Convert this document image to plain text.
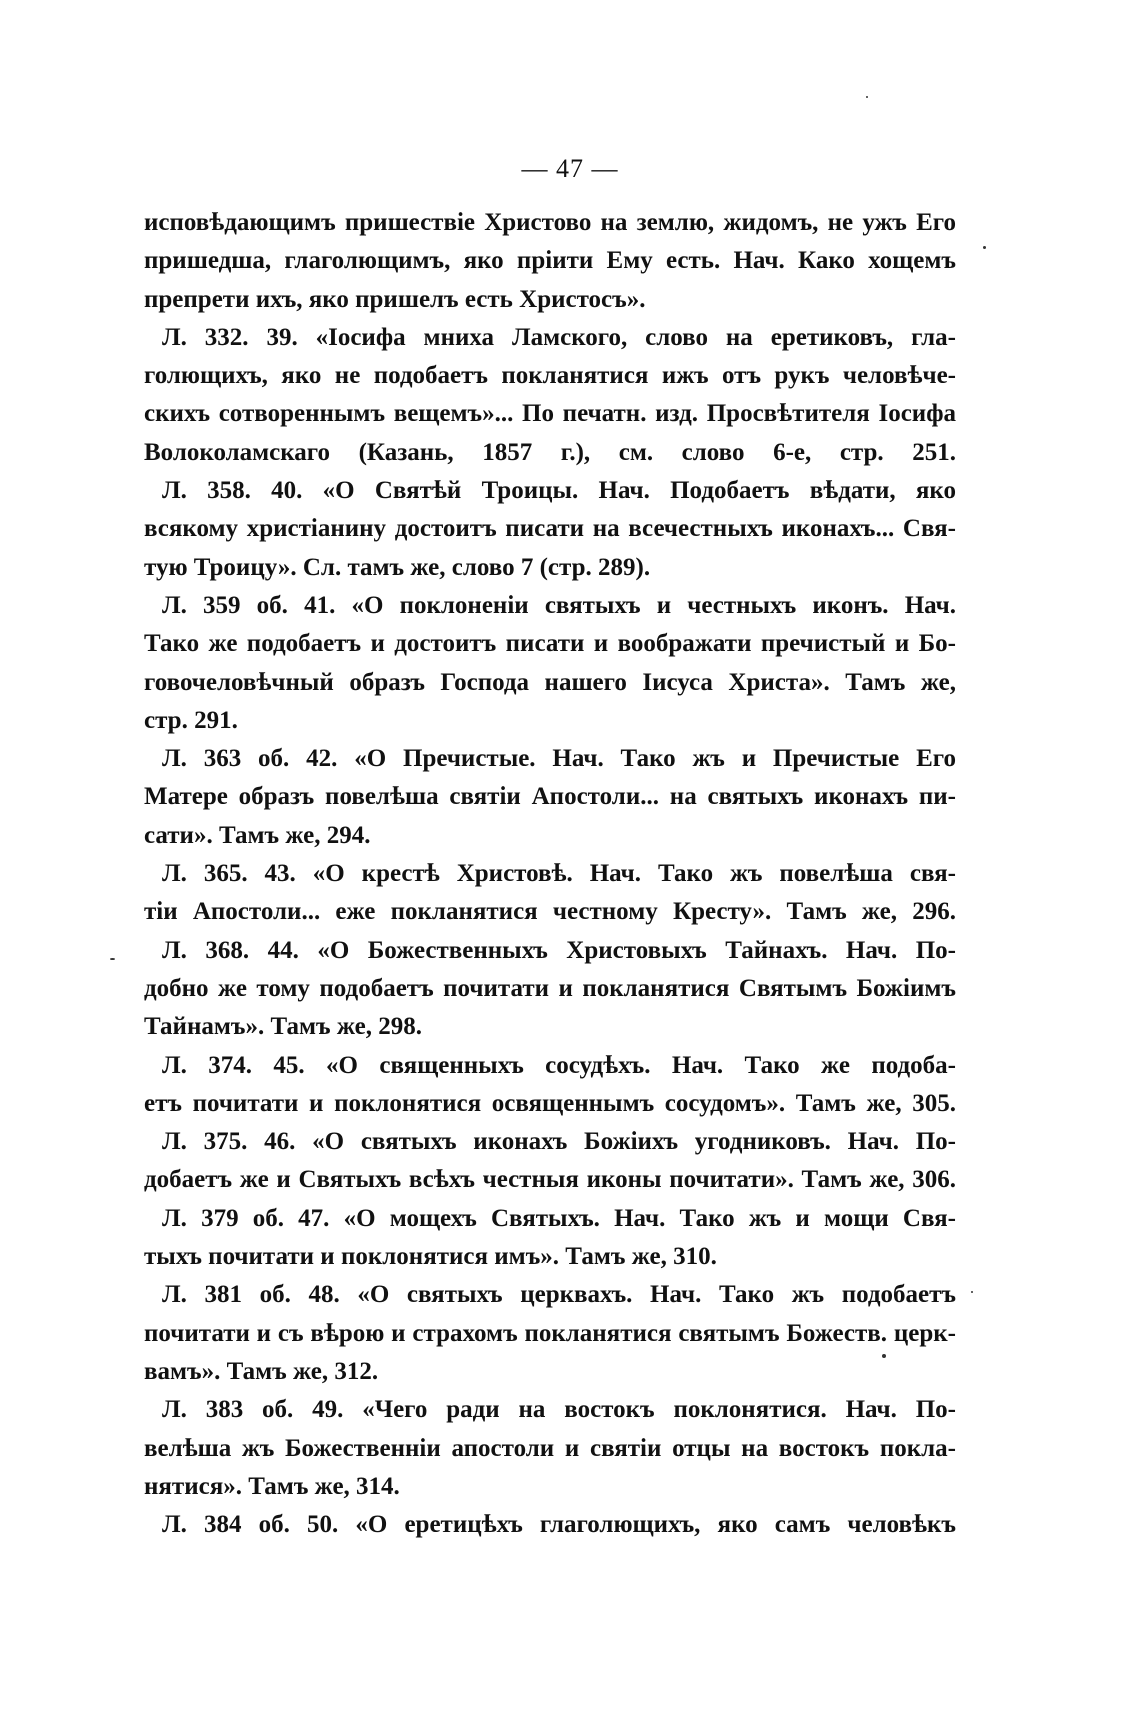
— 47 —
исповѣдающимъ пришествіе Христово на землю, жидомъ, не ужъ Его
пришедша, глаголющимъ, яко пріити Ему есть. Нач. Како хощемъ
препрети ихъ, яко пришелъ есть Христосъ».
Л. 332. 39. «Іосифа мниха Ламского, слово на еретиковъ, гла-
голющихъ, яко не подобаетъ покланятися ижъ отъ рукъ человѣче-
скихъ сотвореннымъ вещемъ»... По печатн. изд. Просвѣтителя Іосифа
Волоколамскаго (Казань, 1857 г.), см. слово 6-е, стр. 251.
Л. 358. 40. «О Святѣй Троицы. Нач. Подобаетъ вѣдати, яко
всякому христіанину достоитъ писати на всечестныхъ иконахъ... Свя-
тую Троицу». Сл. тамъ же, слово 7 (стр. 289).
Л. 359 об. 41. «О поклоненіи святыхъ и честныхъ иконъ. Нач.
Тако же подобаетъ и достоитъ писати и воображати пречистый и Бо-
говочеловѣчный образъ Господа нашего Іисуса Христа». Тамъ же,
стр. 291.
Л. 363 об. 42. «О Пречистые. Нач. Тако жъ и Пречистые Его
Матере образъ повелѣша святіи Апостоли... на святыхъ иконахъ пи-
сати». Тамъ же, 294.
Л. 365. 43. «О крестѣ Христовѣ. Нач. Тако жъ повелѣша свя-
тіи Апостоли... еже покланятися честному Кресту». Тамъ же, 296.
Л. 368. 44. «О Божественныхъ Христовыхъ Тайнахъ. Нач. По-
добно же тому подобаетъ почитати и покланятися Святымъ Божіимъ
Тайнамъ». Тамъ же, 298.
Л. 374. 45. «О священныхъ сосудѣхъ. Нач. Тако же подоба-
етъ почитати и поклонятися освященнымъ сосудомъ». Тамъ же, 305.
Л. 375. 46. «О святыхъ иконахъ Божіихъ угодниковъ. Нач. По-
добаетъ же и Святыхъ всѣхъ честныя иконы почитати». Тамъ же, 306.
Л. 379 об. 47. «О мощехъ Святыхъ. Нач. Тако жъ и мощи Свя-
тыхъ почитати и поклонятися имъ». Тамъ же, 310.
Л. 381 об. 48. «О святыхъ церквахъ. Нач. Тако жъ подобаетъ
почитати и съ вѣрою и страхомъ покланятися святымъ Божеств. церк-
вамъ». Тамъ же, 312.
Л. 383 об. 49. «Чего ради на востокъ поклонятися. Нач. По-
велѣша жъ Божественніи апостоли и святіи отцы на востокъ покла-
нятися». Тамъ же, 314.
Л. 384 об. 50. «О еретицѣхъ глаголющихъ, яко самъ человѣкъ
